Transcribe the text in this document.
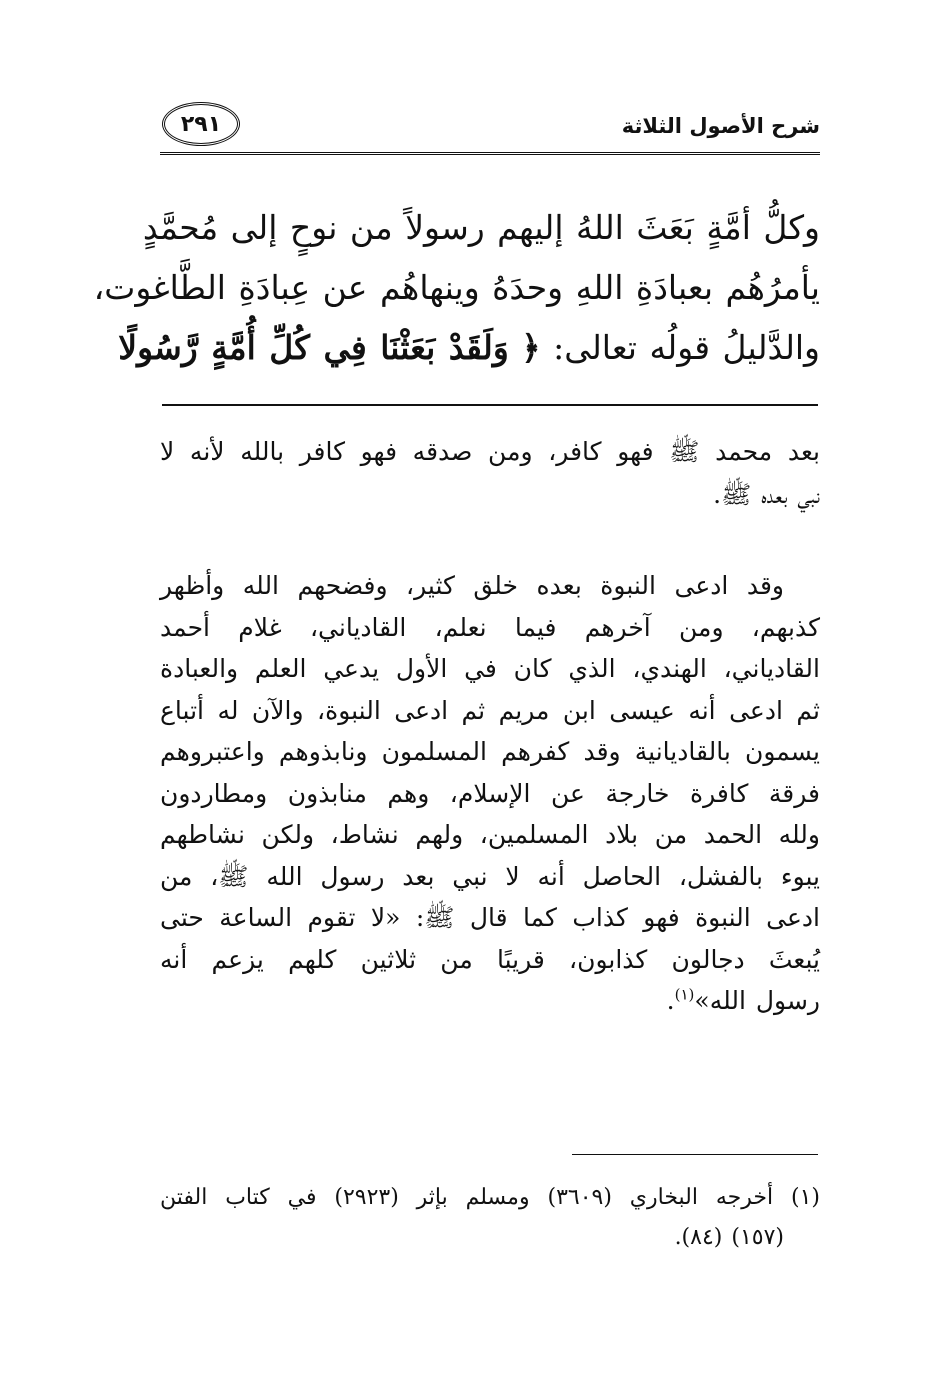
شرح الأصول الثلاثة
٢٩١
وكلُّ أمَّةٍ بَعَثَ اللهُ إليهم رسولاً من نوحٍ إلى مُحمَّدٍ
يأمرُهُم بعبادَةِ اللهِ وحدَهُ وينهاهُم عن عِبادَةِ الطَّاغوت،
والدَّليلُ قولُه تعالى: ﴿ وَلَقَدْ بَعَثْنَا فِي كُلِّ أُمَّةٍ رَّسُولًا
بعد محمد ﷺ فهو كافر، ومن صدقه فهو كافر بالله لأنه لا
نبي بعده ﷺ.
وقد ادعى النبوة بعده خلق كثير، وفضحهم الله وأظهر
كذبهم، ومن آخرهم فيما نعلم، القادياني، غلام أحمد
القادياني، الهندي، الذي كان في الأول يدعي العلم والعبادة
ثم ادعى أنه عيسى ابن مريم ثم ادعى النبوة، والآن له أتباع
يسمون بالقاديانية وقد كفرهم المسلمون ونابذوهم واعتبروهم
فرقة كافرة خارجة عن الإسلام، وهم منابذون ومطاردون
ولله الحمد من بلاد المسلمين، ولهم نشاط، ولكن نشاطهم
يبوء بالفشل، الحاصل أنه لا نبي بعد رسول الله ﷺ، من
ادعى النبوة فهو كذاب كما قال ﷺ: «لا تقوم الساعة حتى
يُبعثَ دجالون كذابون، قريبًا من ثلاثين كلهم يزعم أنه
رسول الله»$^{(١)}$.
(١) أخرجه البخاري (٣٦٠٩) ومسلم بإثر (٢٩٢٣) في كتاب الفتن
(١٥٧) (٨٤).
